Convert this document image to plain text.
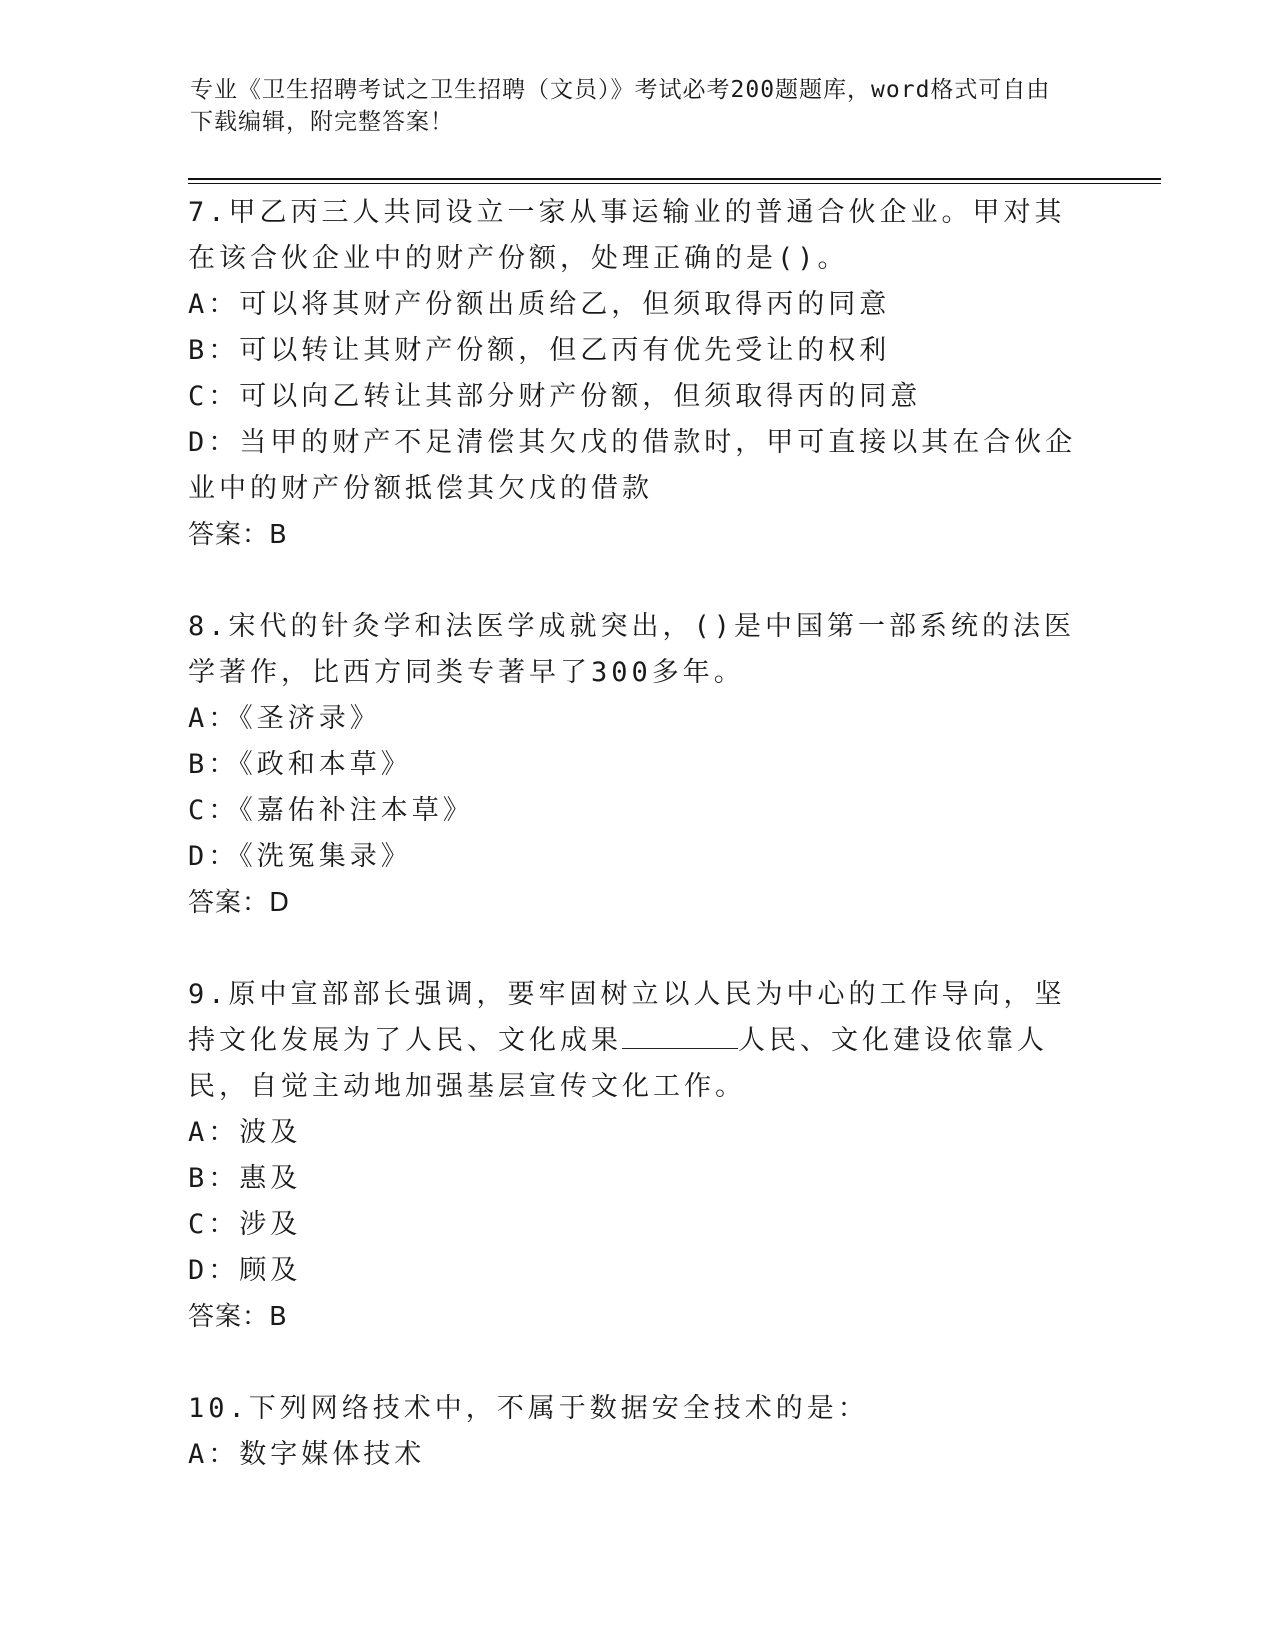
专业《卫生招聘考试之卫生招聘（文员）》考试必考200题题库，word格式可自由下载编辑，附完整答案！

7.甲乙丙三人共同设立一家从事运输业的普通合伙企业。甲对其在该合伙企业中的财产份额，处理正确的是()。

A：可以将其财产份额出质给乙，但须取得丙的同意

B：可以转让其财产份额，但乙丙有优先受让的权利

C：可以向乙转让其部分财产份额，但须取得丙的同意

D：当甲的财产不足清偿其欠戊的借款时，甲可直接以其在合伙企业中的财产份额抵偿其欠戊的借款

答案：B

8.宋代的针灸学和法医学成就突出，()是中国第一部系统的法医学著作，比西方同类专著早了300多年。

A：《圣济录》

B：《政和本草》

C：《嘉佑补注本草》

D：《洗冤集录》

答案：D

9.原中宣部部长强调，要牢固树立以人民为中心的工作导向，坚持文化发展为了人民、文化成果	人民、文化建设依靠人民，自觉主动地加强基层宣传文化工作。

A：波及

B：惠及

C：涉及

D：顾及

答案：B

10.下列网络技术中，不属于数据安全技术的是：

A：数字媒体技术
